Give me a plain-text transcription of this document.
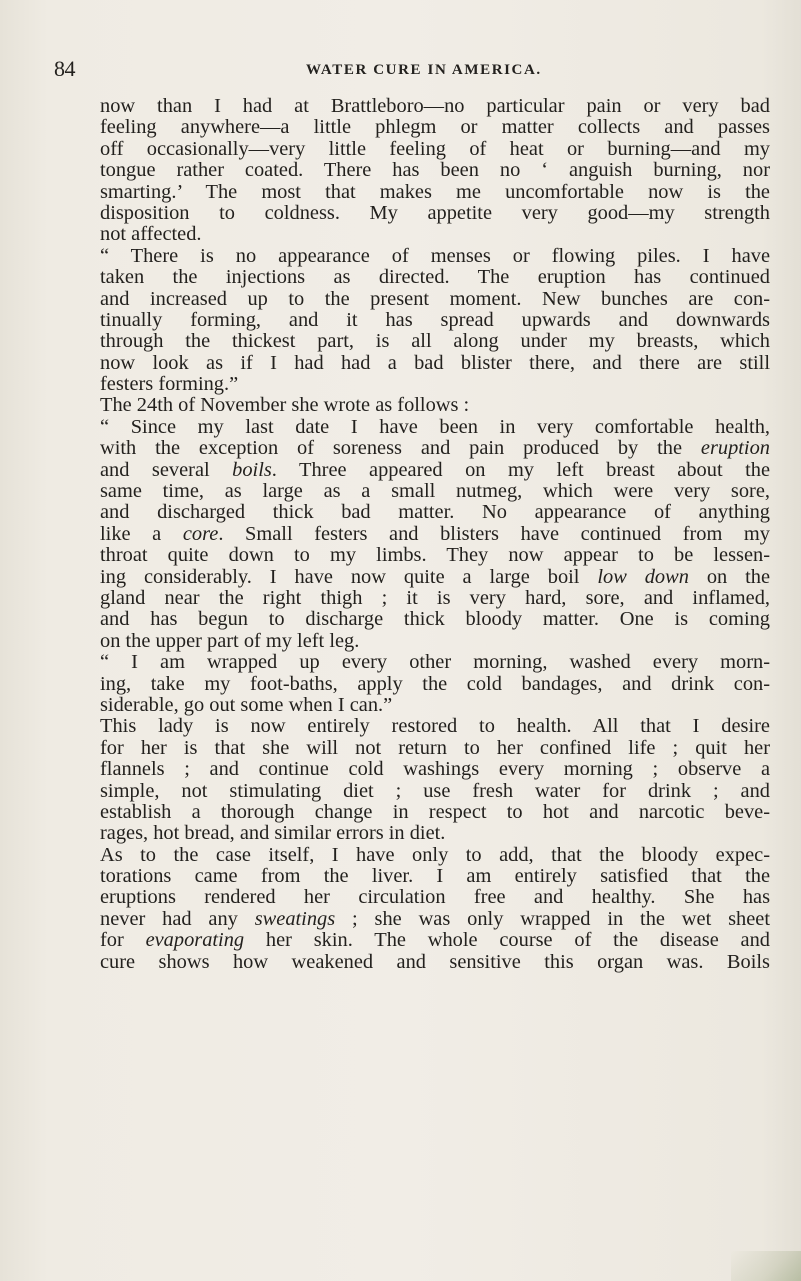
84	WATER CURE IN AMERICA.
now than I had at Brattleboro—no particular pain or very bad
feeling anywhere—a little phlegm or matter collects and passes
off occasionally—very little feeling of heat or burning—and my
tongue rather coated. There has been no ‘ anguish burning, nor
smarting.’ The most that makes me uncomfortable now is the
disposition to coldness. My appetite very good—my strength
not affected.
“ There is no appearance of menses or flowing piles. I have
taken the injections as directed. The eruption has continued
and increased up to the present moment. New bunches are con-
tinually forming, and it has spread upwards and downwards
through the thickest part, is all along under my breasts, which
now look as if I had had a bad blister there, and there are still
festers forming.”
The 24th of November she wrote as follows :
“ Since my last date I have been in very comfortable health,
with the exception of soreness and pain produced by the eruption
and several boils. Three appeared on my left breast about the
same time, as large as a small nutmeg, which were very sore,
and discharged thick bad matter. No appearance of anything
like a core. Small festers and blisters have continued from my
throat quite down to my limbs. They now appear to be lessen-
ing considerably. I have now quite a large boil low down on the
gland near the right thigh ; it is very hard, sore, and inflamed,
and has begun to discharge thick bloody matter. One is coming
on the upper part of my left leg.
“ I am wrapped up every other morning, washed every morn-
ing, take my foot-baths, apply the cold bandages, and drink con-
siderable, go out some when I can.”
This lady is now entirely restored to health. All that I desire
for her is that she will not return to her confined life ; quit her
flannels ; and continue cold washings every morning ; observe a
simple, not stimulating diet ; use fresh water for drink ; and
establish a thorough change in respect to hot and narcotic beve-
rages, hot bread, and similar errors in diet.
As to the case itself, I have only to add, that the bloody expec-
torations came from the liver. I am entirely satisfied that the
eruptions rendered her circulation free and healthy. She has
never had any sweatings ; she was only wrapped in the wet sheet
for evaporating her skin. The whole course of the disease and
cure shows how weakened and sensitive this organ was. Boils
